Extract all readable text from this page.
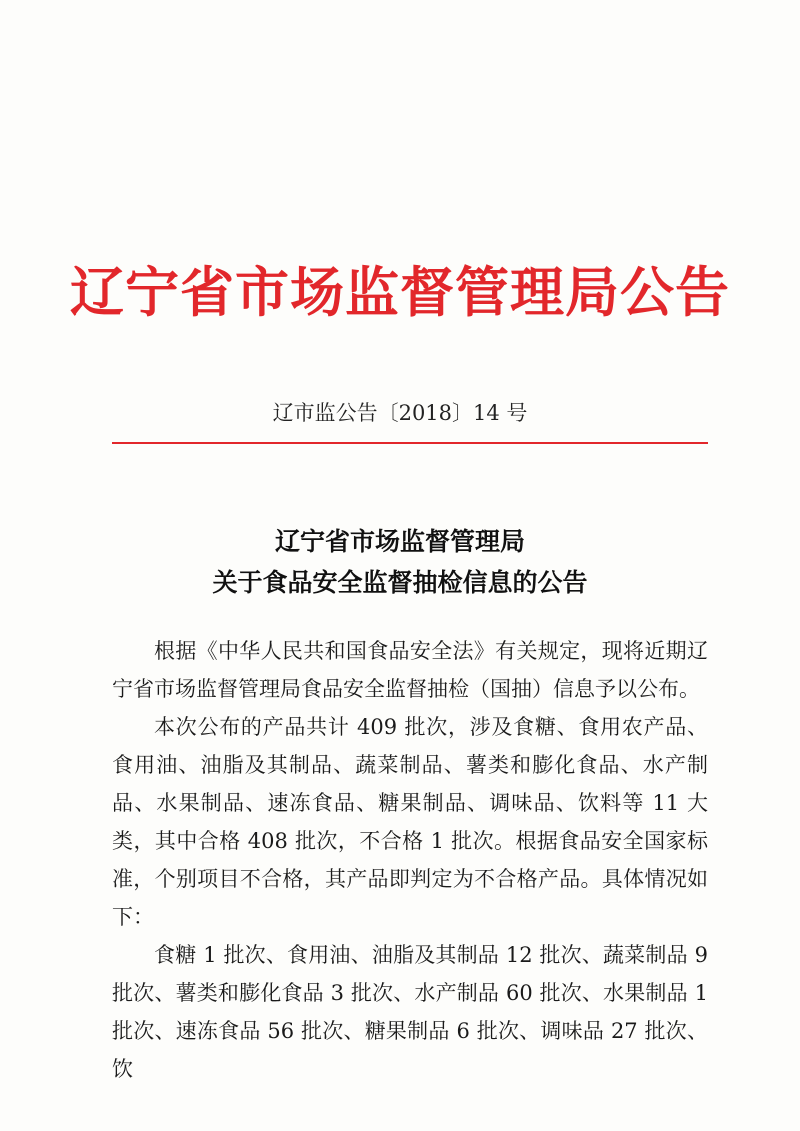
辽宁省市场监督管理局公告
辽市监公告〔2018〕14 号
辽宁省市场监督管理局
关于食品安全监督抽检信息的公告

根据《中华人民共和国食品安全法》有关规定，现将近期辽宁省市场监督管理局食品安全监督抽检（国抽）信息予以公布。

本次公布的产品共计 409 批次，涉及食糖、食用农产品、食用油、油脂及其制品、蔬菜制品、薯类和膨化食品、水产制品、水果制品、速冻食品、糖果制品、调味品、饮料等 11 大类，其中合格 408 批次，不合格 1 批次。根据食品安全国家标准，个别项目不合格，其产品即判定为不合格产品。具体情况如下：

食糖 1 批次、食用油、油脂及其制品 12 批次、蔬菜制品 9 批次、薯类和膨化食品 3 批次、水产制品 60 批次、水果制品 1 批次、速冻食品 56 批次、糖果制品 6 批次、调味品 27 批次、饮
